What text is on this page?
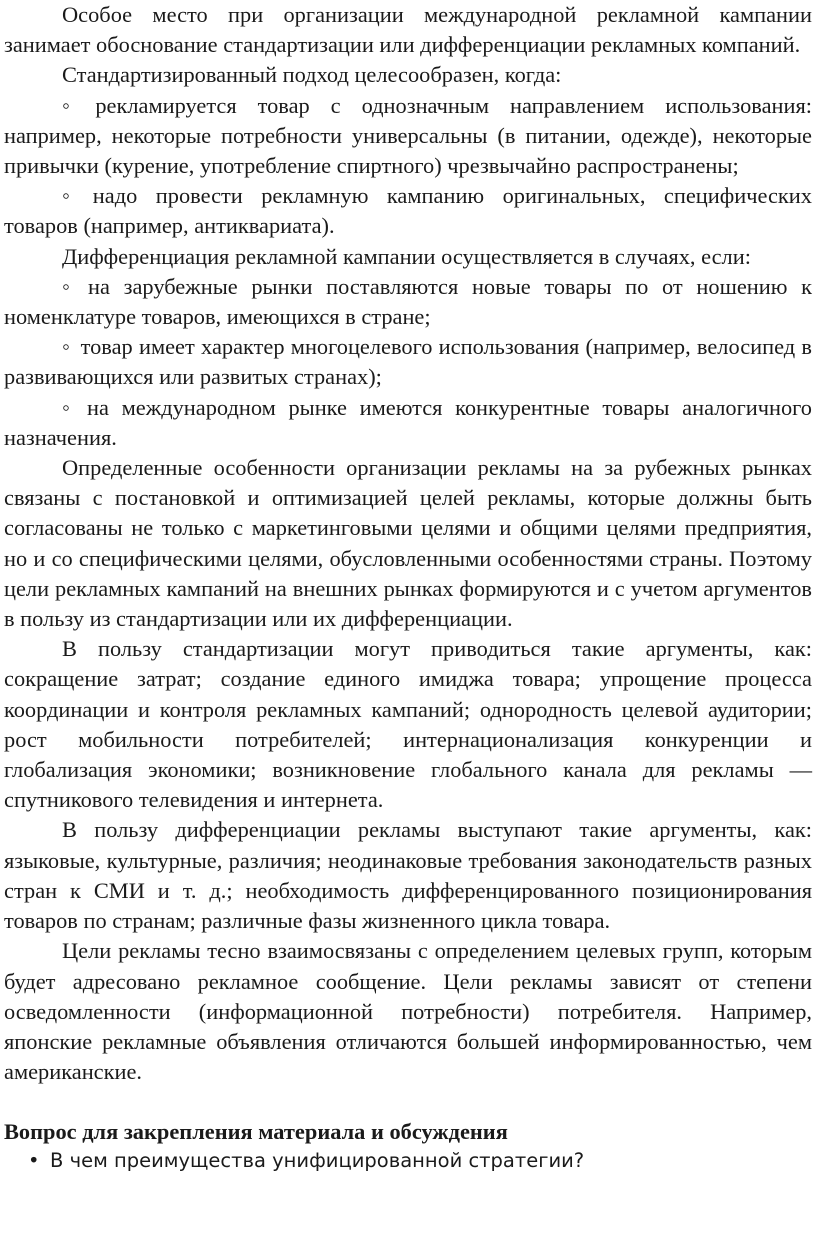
Особое место при организации международной рекламной кампании занимает обоснование стандартизации или дифференциации рекламных компаний.

Стандартизированный подход целесообразен, когда:

◦ рекламируется товар с однозначным направлением использования: например, некоторые потребности универсальны (в питании, одежде), некоторые привычки (курение, употребление спиртного) чрезвычайно распространены;

◦ надо провести рекламную кампанию оригинальных, специфических товаров (например, антиквариата).

Дифференциация рекламной кампании осуществляется в случаях, если:

◦ на зарубежные рынки поставляются новые товары по от ношению к номенклатуре товаров, имеющихся в стране;

◦ товар имеет характер многоцелевого использования (например, велосипед в развивающихся или развитых странах);

◦ на международном рынке имеются конкурентные товары аналогичного назначения.

Определенные особенности организации рекламы на за рубежных рынках связаны с постановкой и оптимизацией целей рекламы, которые должны быть согласованы не только с маркетинговыми целями и общими целями предприятия, но и со специфическими целями, обусловленными особенностями страны. Поэтому цели рекламных кампаний на внешних рынках формируются и с учетом аргументов в пользу из стандартизации или их дифференциации.

В пользу стандартизации могут приводиться такие аргументы, как: сокращение затрат; создание единого имиджа товара; упрощение процесса координации и контроля рекламных кампаний; однородность целевой аудитории; рост мобильности потребителей; интернационализация конкуренции и глобализация экономики; возникновение глобального канала для рекламы — спутникового телевидения и интернета.

В пользу дифференциации рекламы выступают такие аргументы, как: языковые, культурные, различия; неодинаковые требования законодательств разных стран к СМИ и т. д.; необходимость дифференцированного позиционирования товаров по странам; различные фазы жизненного цикла товара.

Цели рекламы тесно взаимосвязаны с определением целевых групп, которым будет адресовано рекламное сообщение. Цели рекламы зависят от степени осведомленности (информационной потребности) потребителя. Например, японские рекламные объявления отличаются большей информированностью, чем американские.

Вопрос для закрепления материала и обсуждения

• В чем преимущества унифицированной стратегии?
